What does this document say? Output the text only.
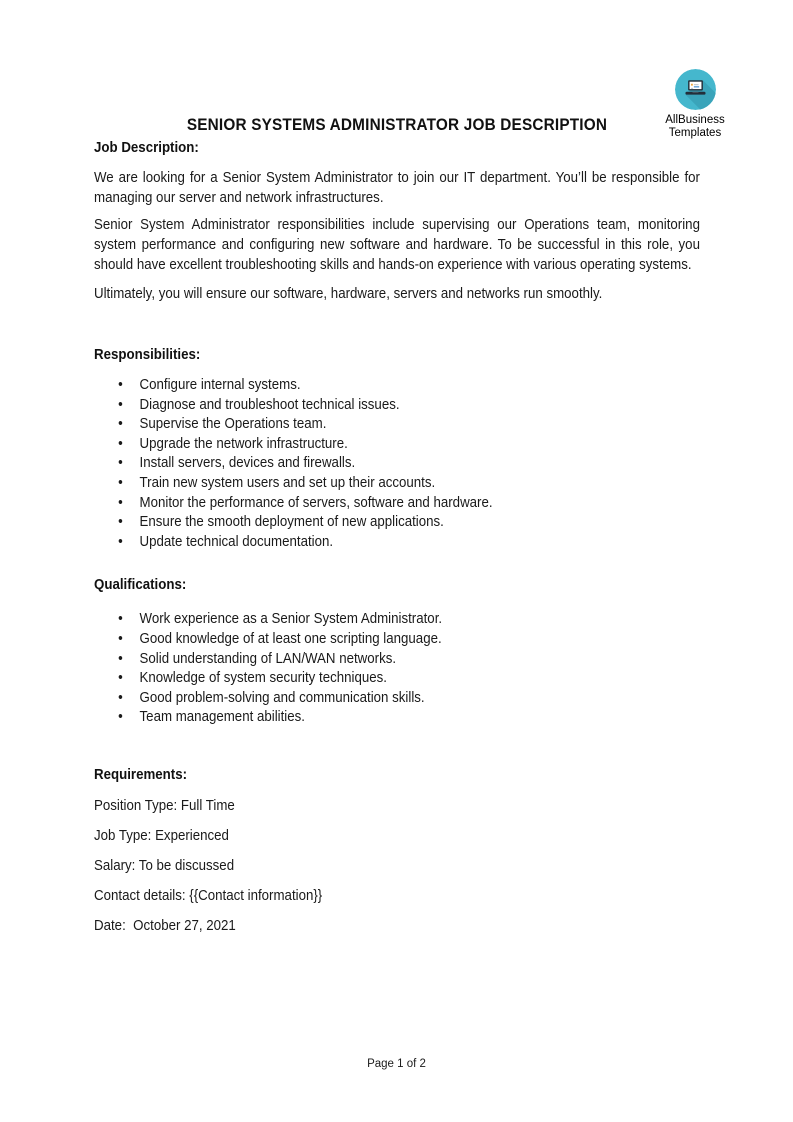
AllBusiness
Templates
SENIOR SYSTEMS ADMINISTRATOR JOB DESCRIPTION
Job Description:

We are looking for a Senior System Administrator to join our IT department. You’ll be responsible for managing our server and network infrastructures.

Senior System Administrator responsibilities include supervising our Operations team, monitoring system performance and configuring new software and hardware. To be successful in this role, you should have excellent troubleshooting skills and hands-on experience with various operating systems.

Ultimately, you will ensure our software, hardware, servers and networks run smoothly.

Responsibilities:
• Configure internal systems.
• Diagnose and troubleshoot technical issues.
• Supervise the Operations team.
• Upgrade the network infrastructure.
• Install servers, devices and firewalls.
• Train new system users and set up their accounts.
• Monitor the performance of servers, software and hardware.
• Ensure the smooth deployment of new applications.
• Update technical documentation.
Qualifications:
• Work experience as a Senior System Administrator.
• Good knowledge of at least one scripting language.
• Solid understanding of LAN/WAN networks.
• Knowledge of system security techniques.
• Good problem-solving and communication skills.
• Team management abilities.
Requirements:

Position Type: Full Time

Job Type: Experienced

Salary: To be discussed

Contact details: {{Contact information}}

Date:  October 27, 2021

Page 1 of 2
